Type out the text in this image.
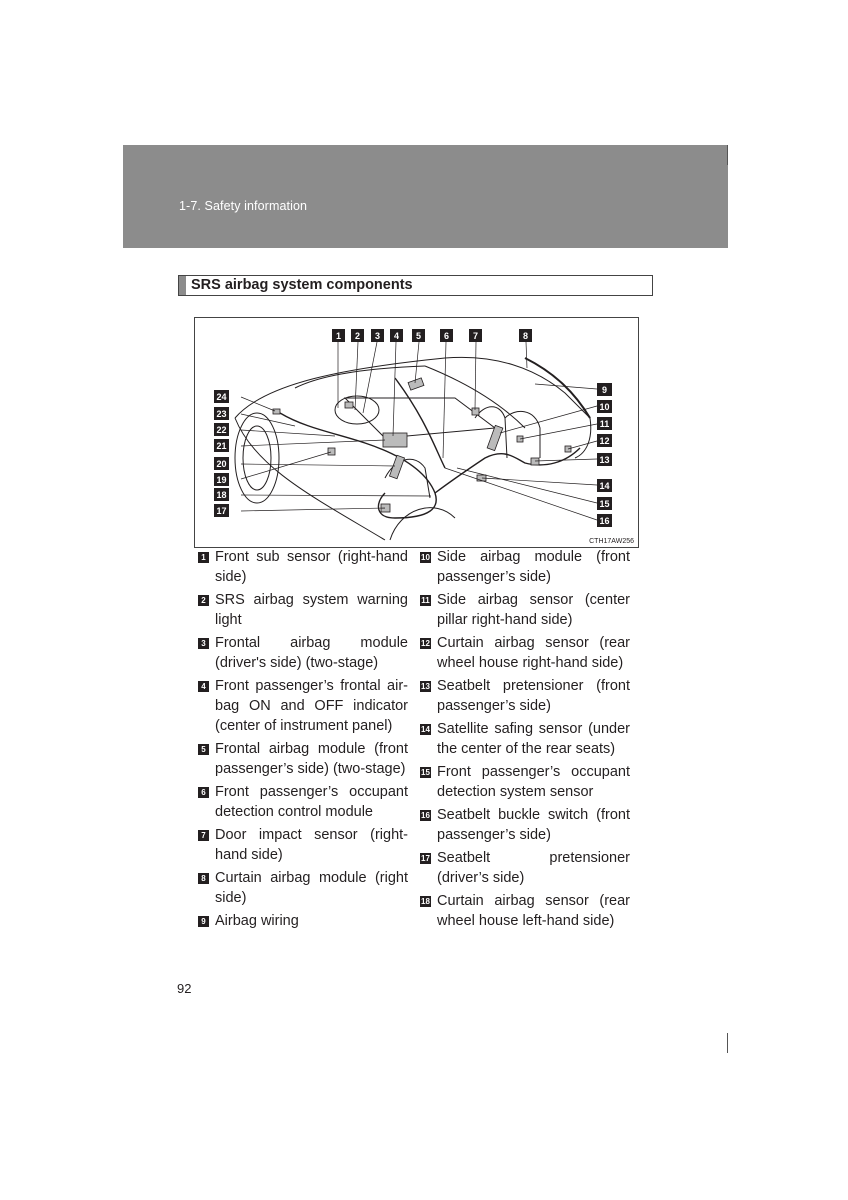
1-7. Safety information
SRS airbag system components
1 2 3 4 5	6	7	8
9
10
11
12
13
14
15
16
24
23
22
21
20
19
18
17
CTH17AW256
1 Front sub sensor (right-hand side)
2 SRS airbag system warning light
3 Frontal airbag module (driver's side) (two-stage)
4 Front passenger’s frontal air-bag ON and OFF indicator (center of instrument panel)
5 Frontal airbag module (front passenger’s side) (two-stage)
6 Front passenger’s occupant detection control module
7 Door impact sensor (right-hand side)
8 Curtain airbag module (right side)
9 Airbag wiring
10 Side airbag module (front passenger’s side)
11 Side airbag sensor (center pillar right-hand side)
12 Curtain airbag sensor (rear wheel house right-hand side)
13 Seatbelt pretensioner (front passenger’s side)
14 Satellite safing sensor (under the center of the rear seats)
15 Front passenger’s occupant detection system sensor
16 Seatbelt buckle switch (front passenger’s side)
17 Seatbelt pretensioner (driver’s side)
18 Curtain airbag sensor (rear wheel house left-hand side)
92
